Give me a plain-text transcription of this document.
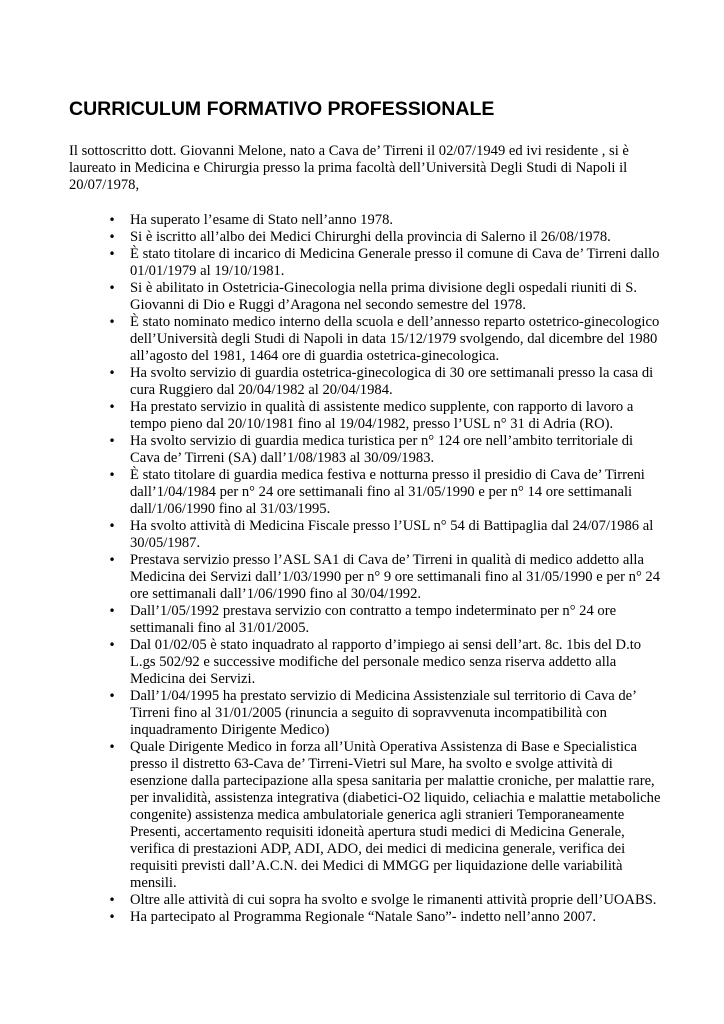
CURRICULUM FORMATIVO PROFESSIONALE

Il sottoscritto dott. Giovanni Melone, nato a Cava de’ Tirreni il 02/07/1949 ed ivi residente , si è laureato in Medicina e Chirurgia presso la prima facoltà dell’Università Degli Studi di Napoli il 20/07/1978,

• Ha superato l’esame di Stato nell’anno 1978.
• Si è iscritto all’albo dei Medici Chirurghi della provincia di Salerno il 26/08/1978.
• È stato titolare di incarico di Medicina Generale presso il comune di Cava de’ Tirreni dallo 01/01/1979 al 19/10/1981.
• Si è abilitato in Ostetricia-Ginecologia nella prima divisione degli ospedali riuniti di S. Giovanni di Dio e Ruggi d’Aragona nel secondo semestre del 1978.
• È stato nominato medico interno della scuola e dell’annesso reparto ostetrico-ginecologico dell’Università degli Studi di Napoli in data 15/12/1979 svolgendo, dal dicembre del 1980 all’agosto del 1981, 1464 ore di guardia ostetrica-ginecologica.
• Ha svolto servizio di guardia ostetrica-ginecologica di 30 ore settimanali presso la casa di cura Ruggiero dal 20/04/1982 al 20/04/1984.
• Ha prestato servizio in qualità di assistente medico supplente, con rapporto di lavoro a tempo pieno dal 20/10/1981 fino al 19/04/1982, presso l’USL n° 31 di Adria (RO).
• Ha svolto servizio di guardia medica turistica per n° 124 ore nell’ambito territoriale di Cava de’ Tirreni (SA) dall’1/08/1983 al 30/09/1983.
• È stato titolare di guardia medica festiva e notturna presso il presidio di Cava de’ Tirreni dall’1/04/1984 per n° 24 ore settimanali fino al 31/05/1990 e per n° 14 ore settimanali dall/1/06/1990 fino al 31/03/1995.
• Ha svolto attività di Medicina Fiscale presso l’USL n° 54 di Battipaglia dal 24/07/1986 al 30/05/1987.
• Prestava servizio presso l’ASL SA1 di Cava de’ Tirreni in qualità di medico addetto alla Medicina dei Servizi dall’1/03/1990 per n° 9 ore settimanali fino al 31/05/1990 e per n° 24 ore settimanali dall’1/06/1990 fino al 30/04/1992.
• Dall’1/05/1992 prestava servizio con contratto a tempo indeterminato per n° 24 ore settimanali fino al 31/01/2005.
• Dal 01/02/05 è stato inquadrato al rapporto d’impiego ai sensi dell’art. 8c. 1bis del D.to L.gs 502/92 e successive modifiche del personale medico senza riserva addetto alla Medicina dei Servizi.
• Dall’1/04/1995 ha prestato servizio di Medicina Assistenziale sul territorio di Cava de’ Tirreni fino al 31/01/2005 (rinuncia a seguito di sopravvenuta incompatibilità con inquadramento Dirigente Medico)
• Quale Dirigente Medico in forza all’Unità Operativa Assistenza di Base e Specialistica presso il distretto 63-Cava de’ Tirreni-Vietri sul Mare, ha svolto e svolge attività di esenzione dalla partecipazione alla spesa sanitaria per malattie croniche, per malattie rare, per invalidità, assistenza integrativa (diabetici-O2 liquido, celiachia e malattie metaboliche congenite) assistenza medica ambulatoriale generica agli stranieri Temporaneamente Presenti, accertamento requisiti idoneità apertura studi medici di Medicina Generale, verifica di prestazioni ADP, ADI, ADO, dei medici di medicina generale, verifica dei requisiti previsti dall’A.C.N. dei Medici di MMGG per liquidazione delle variabilità mensili.
• Oltre alle attività di cui sopra ha svolto e svolge le rimanenti attività proprie dell’UOABS.
• Ha partecipato al Programma Regionale “Natale Sano”- indetto nell’anno 2007.
